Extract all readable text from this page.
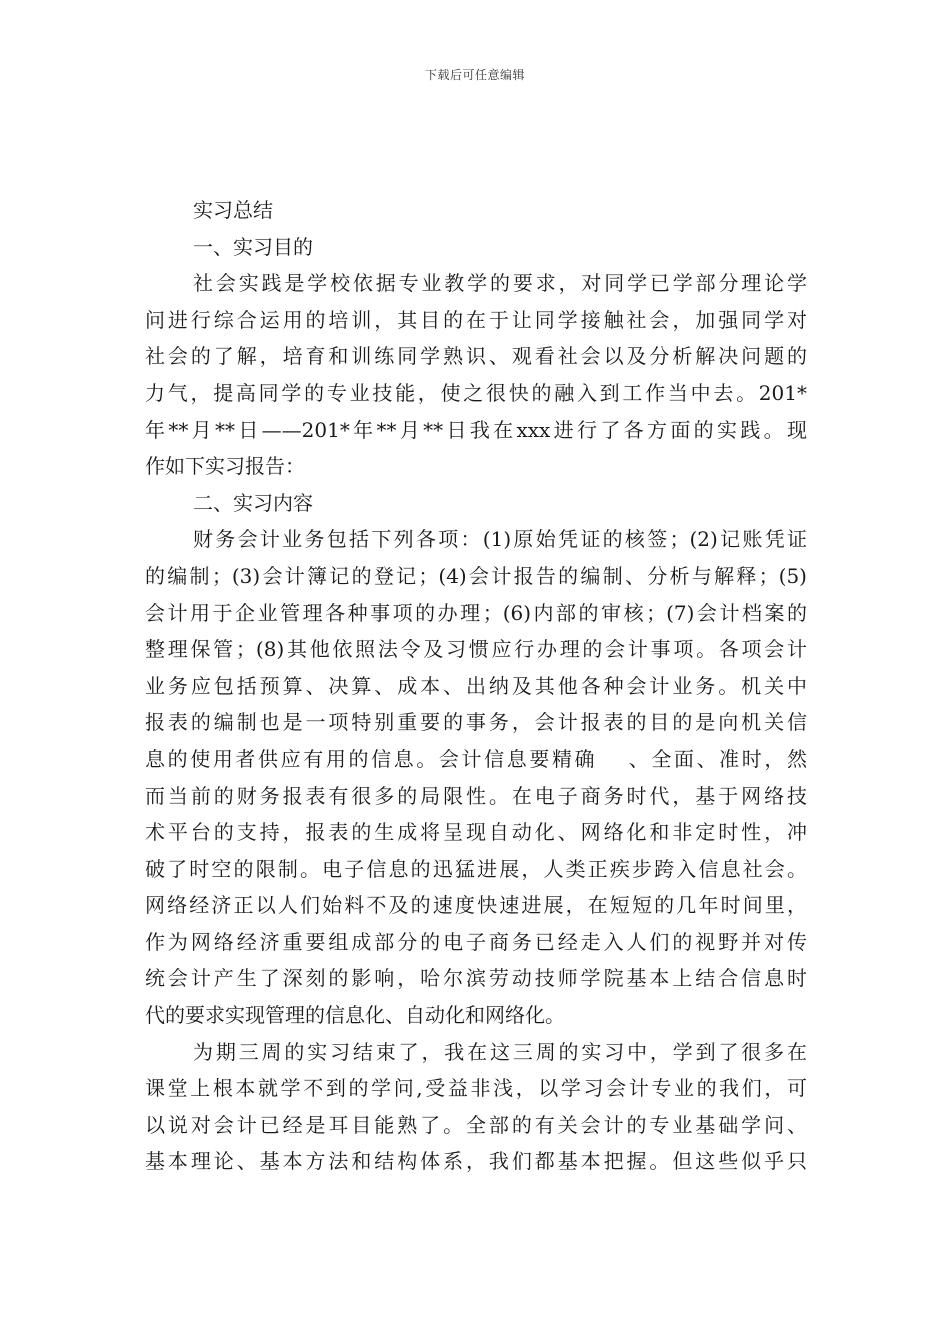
下载后可任意编辑
实习总结
一、实习目的
社会实践是学校依据专业教学的要求，对同学已学部分理论学
问进行综合运用的培训，其目的在于让同学接触社会，加强同学对
社会的了解，培育和训练同学熟识、观看社会以及分析解决问题的
力气，提高同学的专业技能，使之很快的融入到工作当中去。201*
年**月**日——201*年**月**日我在xxx进行了各方面的实践。现
作如下实习报告：
二、实习内容
财务会计业务包括下列各项：(1)原始凭证的核签；(2)记账凭证
的编制；(3)会计簿记的登记；(4)会计报告的编制、分析与解释；(5)
会计用于企业管理各种事项的办理；(6)内部的审核；(7)会计档案的
整理保管；(8)其他依照法令及习惯应行办理的会计事项。各项会计
业务应包括预算、决算、成本、出纳及其他各种会计业务。机关中
报表的编制也是一项特别重要的事务，会计报表的目的是向机关信
息的使用者供应有用的信息。会计信息要精确　 、全面、准时，然
而当前的财务报表有很多的局限性。在电子商务时代，基于网络技
术平台的支持，报表的生成将呈现自动化、网络化和非定时性，冲
破了时空的限制。电子信息的迅猛进展，人类正疾步跨入信息社会。
网络经济正以人们始料不及的速度快速进展，在短短的几年时间里，
作为网络经济重要组成部分的电子商务已经走入人们的视野并对传
统会计产生了深刻的影响，哈尔滨劳动技师学院基本上结合信息时
代的要求实现管理的信息化、自动化和网络化。
为期三周的实习结束了，我在这三周的实习中，学到了很多在
课堂上根本就学不到的学问,受益非浅，以学习会计专业的我们，可
以说对会计已经是耳目能熟了。全部的有关会计的专业基础学问、
基本理论、基本方法和结构体系，我们都基本把握。但这些似乎只
